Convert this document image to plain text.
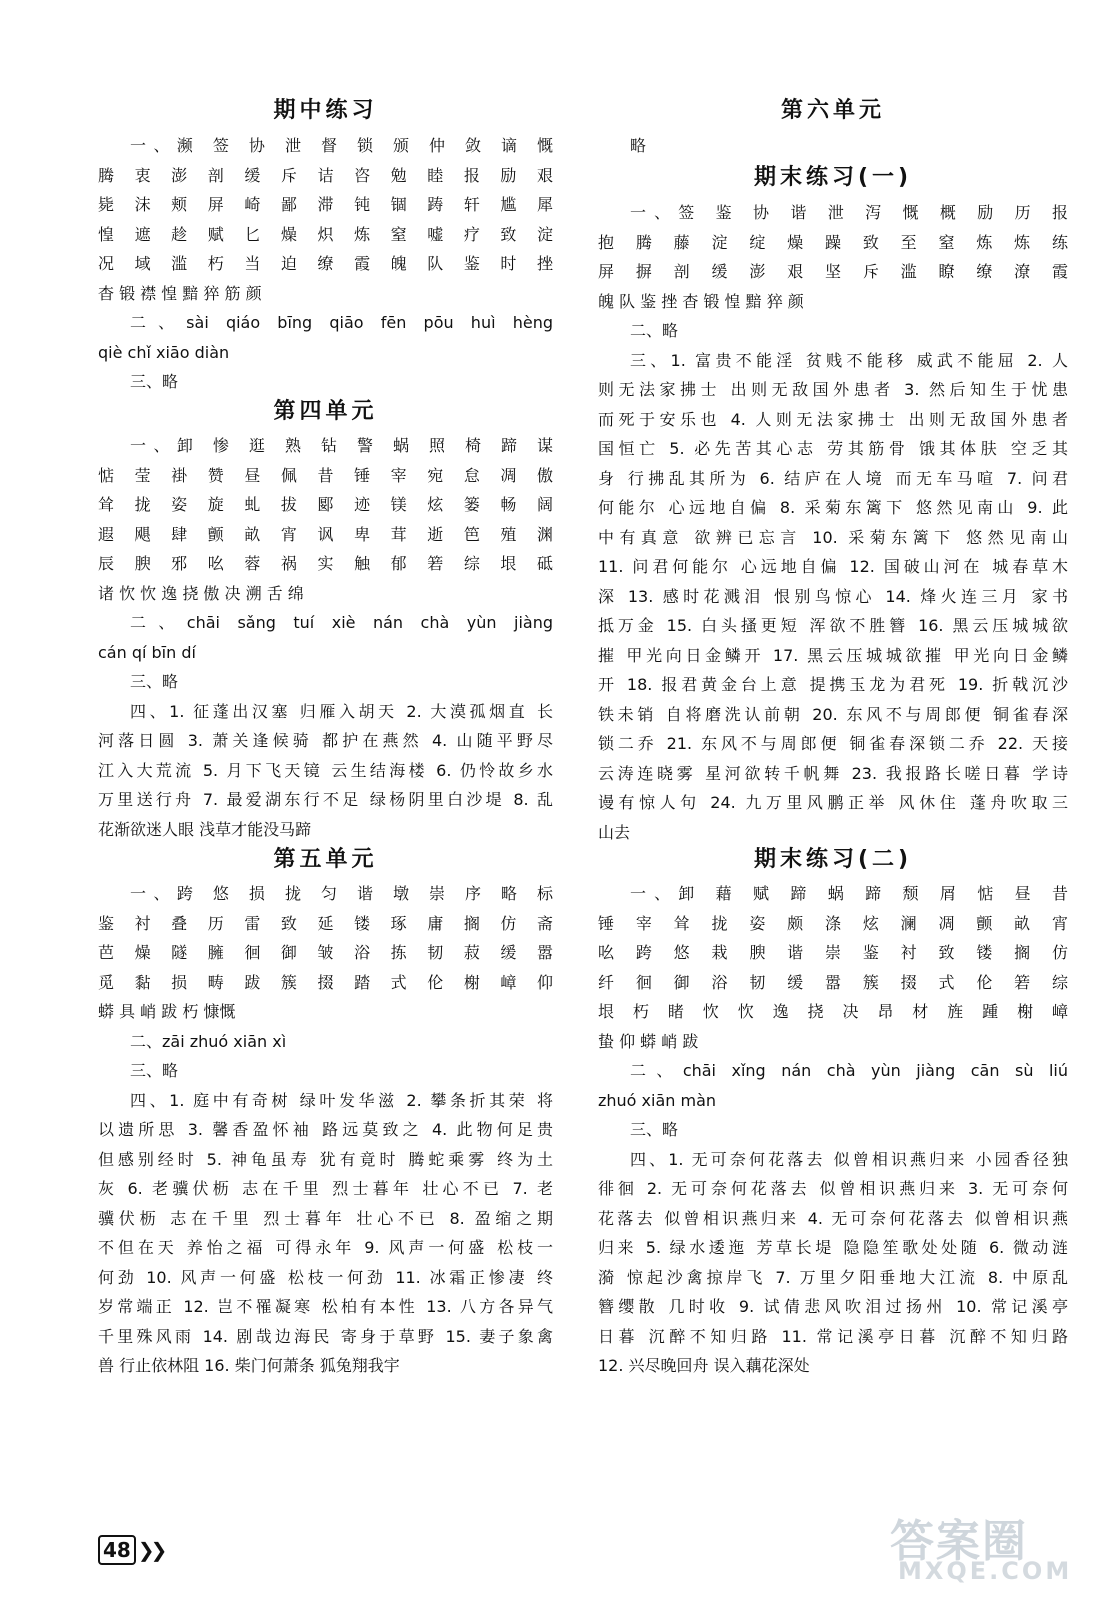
期中练习
一、濒 签 协 泄 督 锁 颁 仲 敛 谪 慨
腾 衷 澎 剖 缓 斥 诘 咨 勉 睦 报 励 艰
毙 沫 颊 屏 崎 鄙 滞 钝 锢 踌 轩 尴 犀
惶 遮 趁 赋 匕 燥 炽 炼 窒 嘘 疗 致 淀
况 域 滥 朽 当 迫 缭 霞 魄 队 鉴 时 挫
杳 锻 襟 惶 黯 猝 筋 颜
二、sài qiáo bīng qiāo fēn pōu huì hèng
qiè chǐ xiāo diàn
三、略
第四单元
一、卸 惨 逛 熟 钻 警 蜗 照 椅 蹄 谋
惦 莹 褂 赞 昼 佩 昔 锤 宰 宛 怠 凋 傲
耸 拢 姿 旋 虬 拔 郾 迹 镁 炫 篓 畅 阔
遐 飓 肆 颤 畝 宵 讽 卑 茸 逝 笆 殖 渊
辰 腴 邪 吆 蓉 祸 实 触 郁 箬 综 垠 砥
诸 忺 忺 逸 挠 傲 决 溯 舌 绵
二、chāi sǎng tuí xiè nán chà yùn jiàng
cán qí bīn dí
三、略
四、1. 征蓬出汉塞 归雁入胡天 2. 大漠孤烟直 长
河落日圆 3. 萧关逢候骑 都护在燕然 4. 山随平野尽
江入大荒流 5. 月下飞天镜 云生结海楼 6. 仍怜故乡水
万里送行舟 7. 最爱湖东行不足 绿杨阴里白沙堤 8. 乱
花渐欲迷人眼 浅草才能没马蹄
第五单元
一、跨 悠 损 拢 匀 谐 墩 崇 序 略 标
鉴 衬 叠 历 雷 致 延 镂 琢 庸 搁 仿 斋
芭 燥 隧 臃 徊 御 皱 浴 拣 韧 菽 缓 嚣
觅 黏 损 畴 跋 簇 掇 踏 式 伦 榭 嶂 仰
蟒 具 峭 跋 朽 慷慨
二、zāi zhuó xiān xì
三、略
四、1. 庭中有奇树 绿叶发华滋 2. 攀条折其荣 将
以遗所思 3. 馨香盈怀袖 路远莫致之 4. 此物何足贵
但感别经时 5. 神龟虽寿 犹有竟时 腾蛇乘雾 终为土
灰 6. 老骥伏枥 志在千里 烈士暮年 壮心不已 7. 老
骥伏枥 志在千里 烈士暮年 壮心不已 8. 盈缩之期
不但在天 养怡之福 可得永年 9. 风声一何盛 松枝一
何劲 10. 风声一何盛 松枝一何劲 11. 冰霜正惨凄 终
岁常端正 12. 岂不罹凝寒 松柏有本性 13. 八方各异气
千里殊风雨 14. 剧哉边海民 寄身于草野 15. 妻子象禽
兽 行止依林阻 16. 柴门何萧条 狐兔翔我宇
第六单元
略
期末练习(一)
一、签 鉴 协 谐 泄 泻 慨 概 励 历 报
抱 腾 藤 淀 绽 燥 躁 致 至 窒 炼 炼 练
屏 摒 剖 缓 澎 艰 坚 斥 滥 瞭 缭 潦 霞
魄 队 鉴 挫 杳 锻 惶 黯 猝 颜
二、略
三、1. 富贵不能淫 贫贱不能移 威武不能屈 2. 人
则无法家拂士 出则无敌国外患者 3. 然后知生于忧患
而死于安乐也 4. 人则无法家拂士 出则无敌国外患者
国恒亡 5. 必先苦其心志 劳其筋骨 饿其体肤 空乏其
身 行拂乱其所为 6. 结庐在人境 而无车马喧 7. 问君
何能尔 心远地自偏 8. 采菊东篱下 悠然见南山 9. 此
中有真意 欲辨已忘言 10. 采菊东篱下 悠然见南山
11. 问君何能尔 心远地自偏 12. 国破山河在 城春草木
深 13. 感时花溅泪 恨别鸟惊心 14. 烽火连三月 家书
抵万金 15. 白头搔更短 浑欲不胜簪 16. 黑云压城城欲
摧 甲光向日金鳞开 17. 黑云压城城欲摧 甲光向日金鳞
开 18. 报君黄金台上意 提携玉龙为君死 19. 折戟沉沙
铁未销 自将磨洗认前朝 20. 东风不与周郎便 铜雀春深
锁二乔 21. 东风不与周郎便 铜雀春深锁二乔 22. 天接
云涛连晓雾 星河欲转千帆舞 23. 我报路长嗟日暮 学诗
谩有惊人句 24. 九万里风鹏正举 风休住 蓬舟吹取三
山去
期末练习(二)
一、卸 藉 赋 蹄 蜗 蹄 颓 屑 惦 昼 昔
锤 宰 耸 拢 姿 颇 涤 炫 澜 凋 颤 畝 宵
吆 跨 悠 栽 腴 谐 崇 鉴 衬 致 镂 搁 仿
纤 徊 御 浴 韧 缓 嚣 簇 掇 式 伦 箬 综
垠 朽 睹 忺 忺 逸 挠 决 昂 材 旌 踵 榭 嶂
蛰 仰 蟒 峭 跋
二、chāi xǐng nán chà yùn jiàng cān sù liú
zhuó xiān màn
三、略
四、1. 无可奈何花落去 似曾相识燕归来 小园香径独
徘徊 2. 无可奈何花落去 似曾相识燕归来 3. 无可奈何
花落去 似曾相识燕归来 4. 无可奈何花落去 似曾相识燕
归来 5. 绿水逶迤 芳草长堤 隐隐笙歌处处随 6. 微动涟
漪 惊起沙禽掠岸飞 7. 万里夕阳垂地大江流 8. 中原乱
簪缨散 几时收 9. 试倩悲风吹泪过扬州 10. 常记溪亭
日暮 沉醉不知归路 11. 常记溪亭日暮 沉醉不知归路
12. 兴尽晚回舟 误入藕花深处
48 ❯❯	答案圈
MXQE.COM
